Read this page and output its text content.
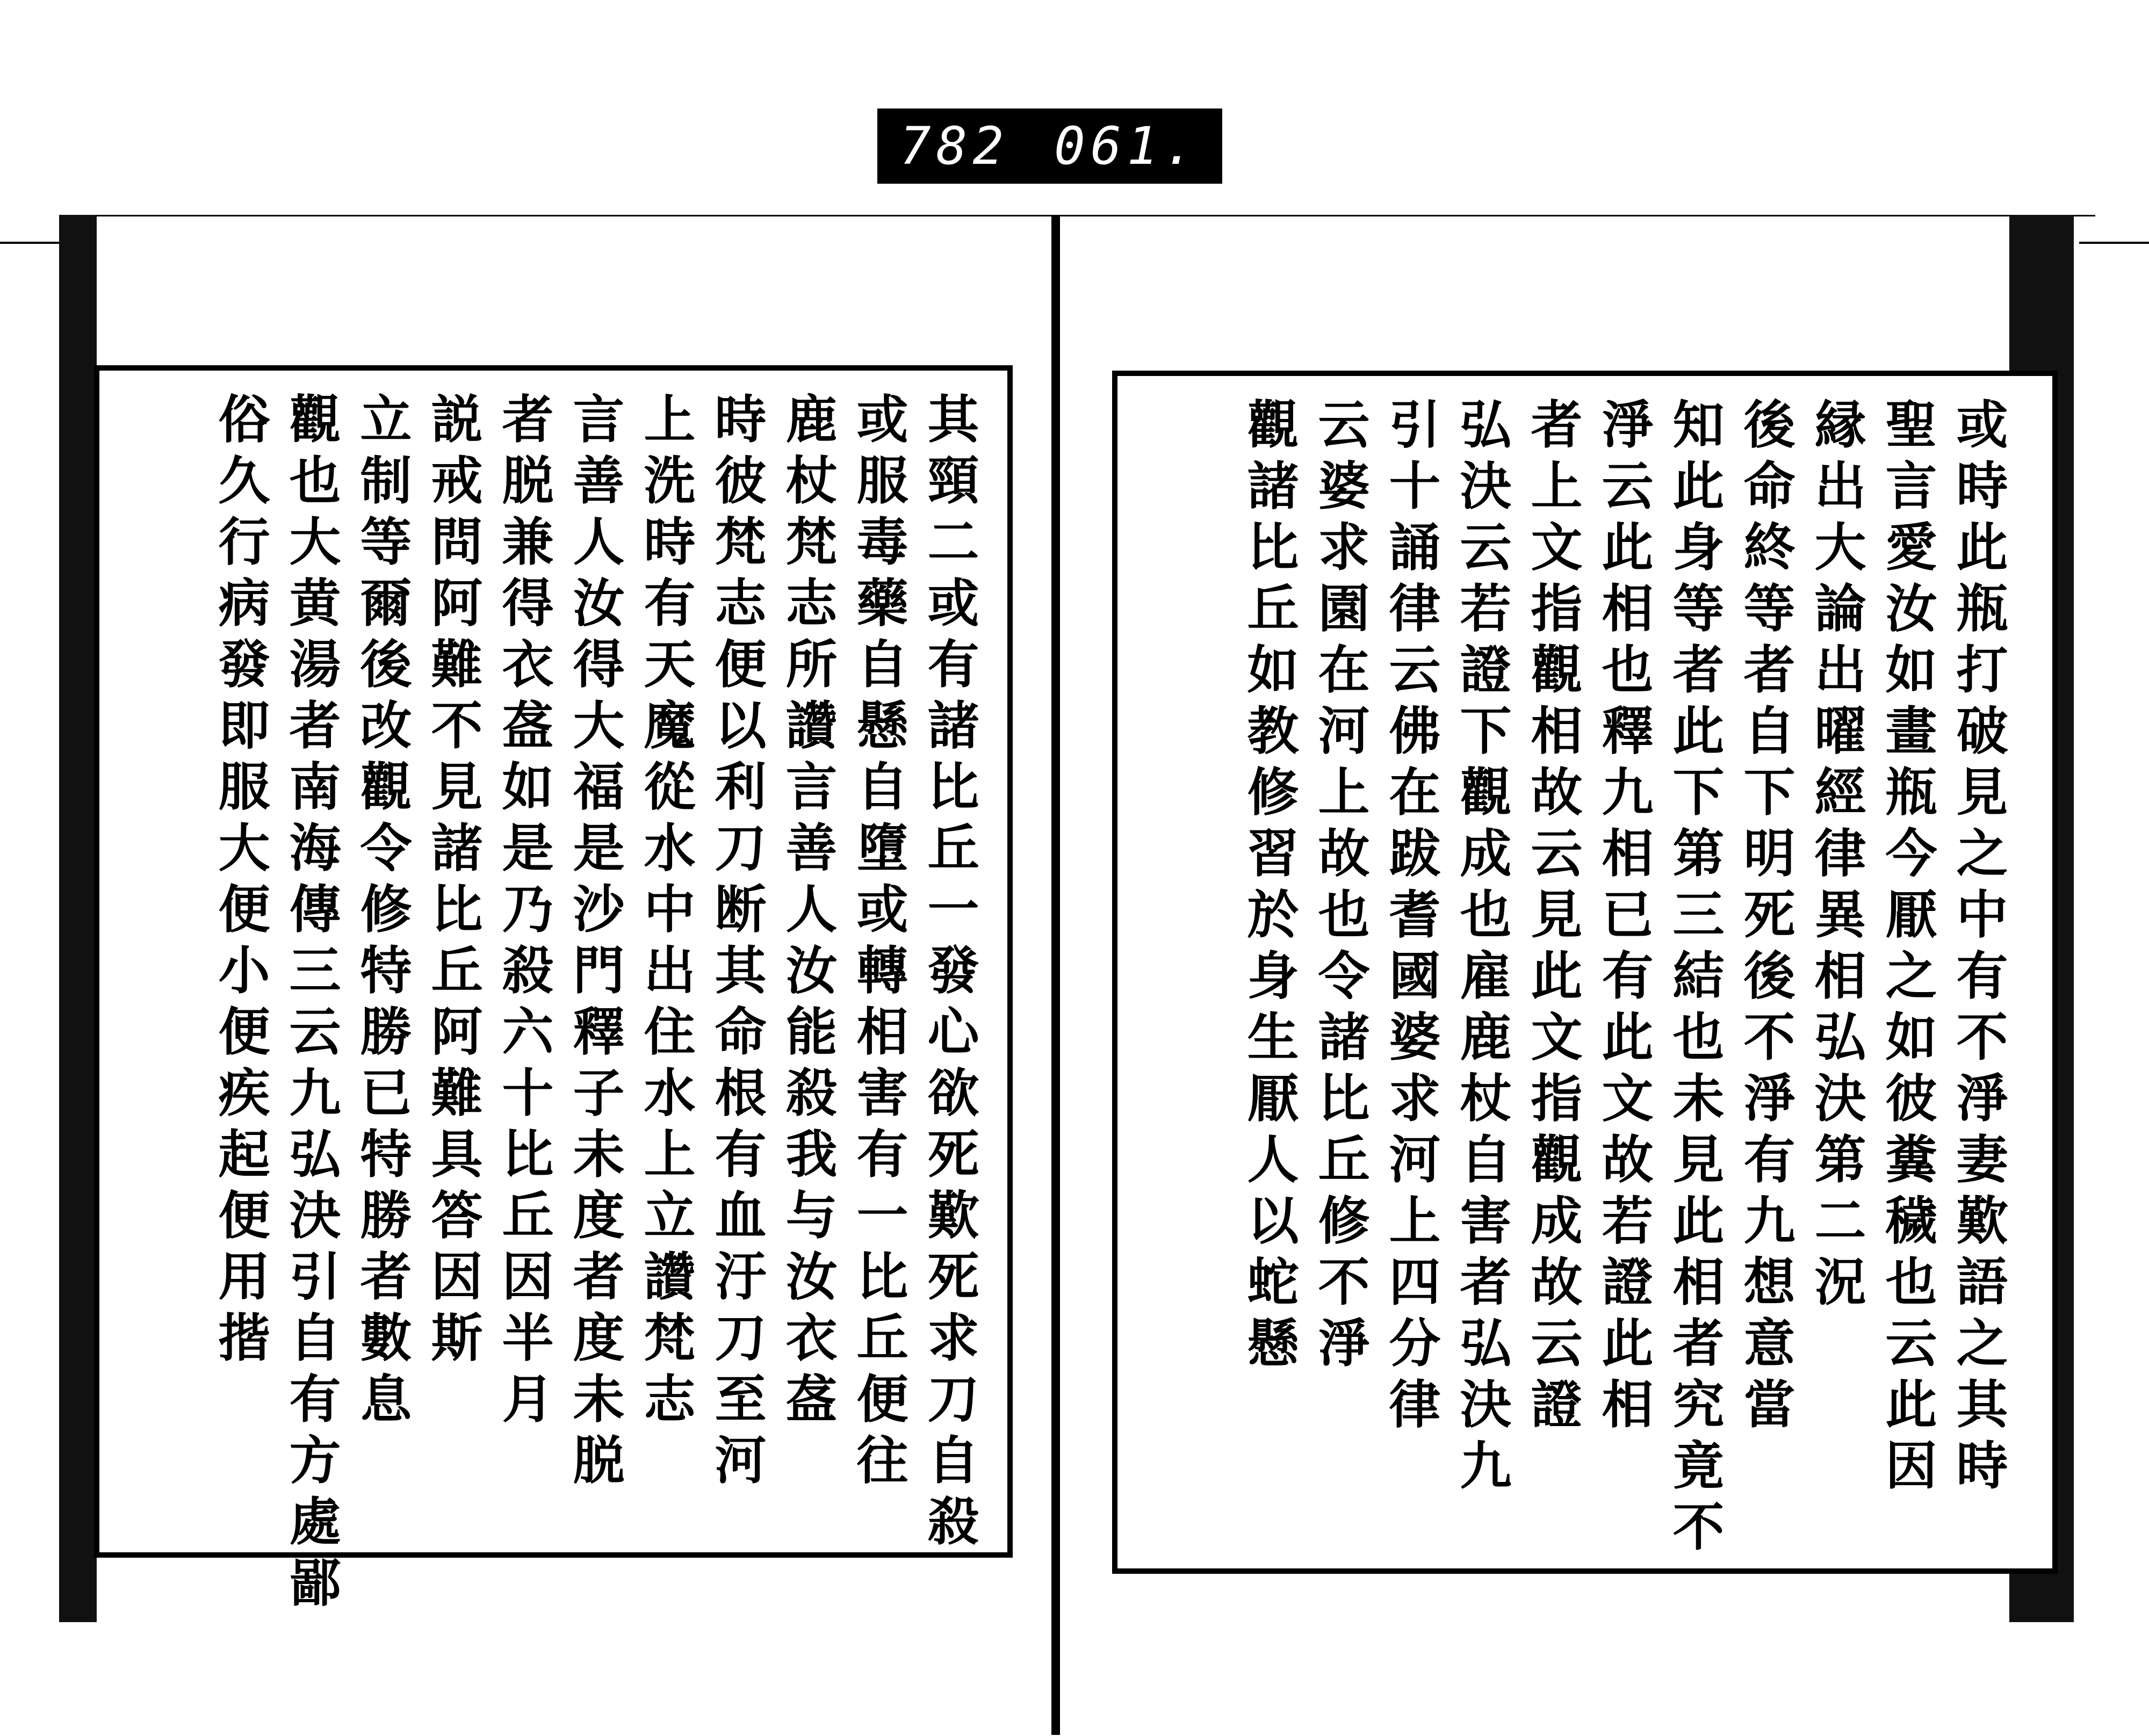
782 061.
其頸二或有諸比丘一發心欲死歎死求刀自殺
或服毒藥自懸自墮或轉相害有一比丘便往
鹿杖梵志所讚言善人汝能殺我与汝衣盋
時彼梵志便以利刀断其命根有血汙刀至河
上洗時有天魔從水中出住水上立讚梵志
言善人汝得大福是沙門釋子未度者度未脱
者脱兼得衣盋如是乃殺六十比丘因半月
説戒問阿難不見諸比丘阿難具答因斯
立制等爾後改觀令修特勝已特勝者數息
觀也大黄湯者南海傳三云九弘決引自有方處鄙
俗久行病發即服大便小便疾起便用揩	或時此瓶打破見之中有不淨妻歎語之其時
聖言愛汝如畫瓶今厭之如彼糞穢也云此因
縁出大論出曜經律異相弘決第二況
後命終等者自下明死後不淨有九想意當
知此身等者此下第三結也未見此相者究竟不
淨云此相也釋九相已有此文故若證此相
者上文指觀相故云見此文指觀成故云證
弘決云若證下觀成也雇鹿杖自害者弘決九
引十誦律云佛在跋耆國婆求河上四分律
云婆求園在河上故也令諸比丘修不淨
觀諸比丘如教修習於身生厭人以蛇懸
